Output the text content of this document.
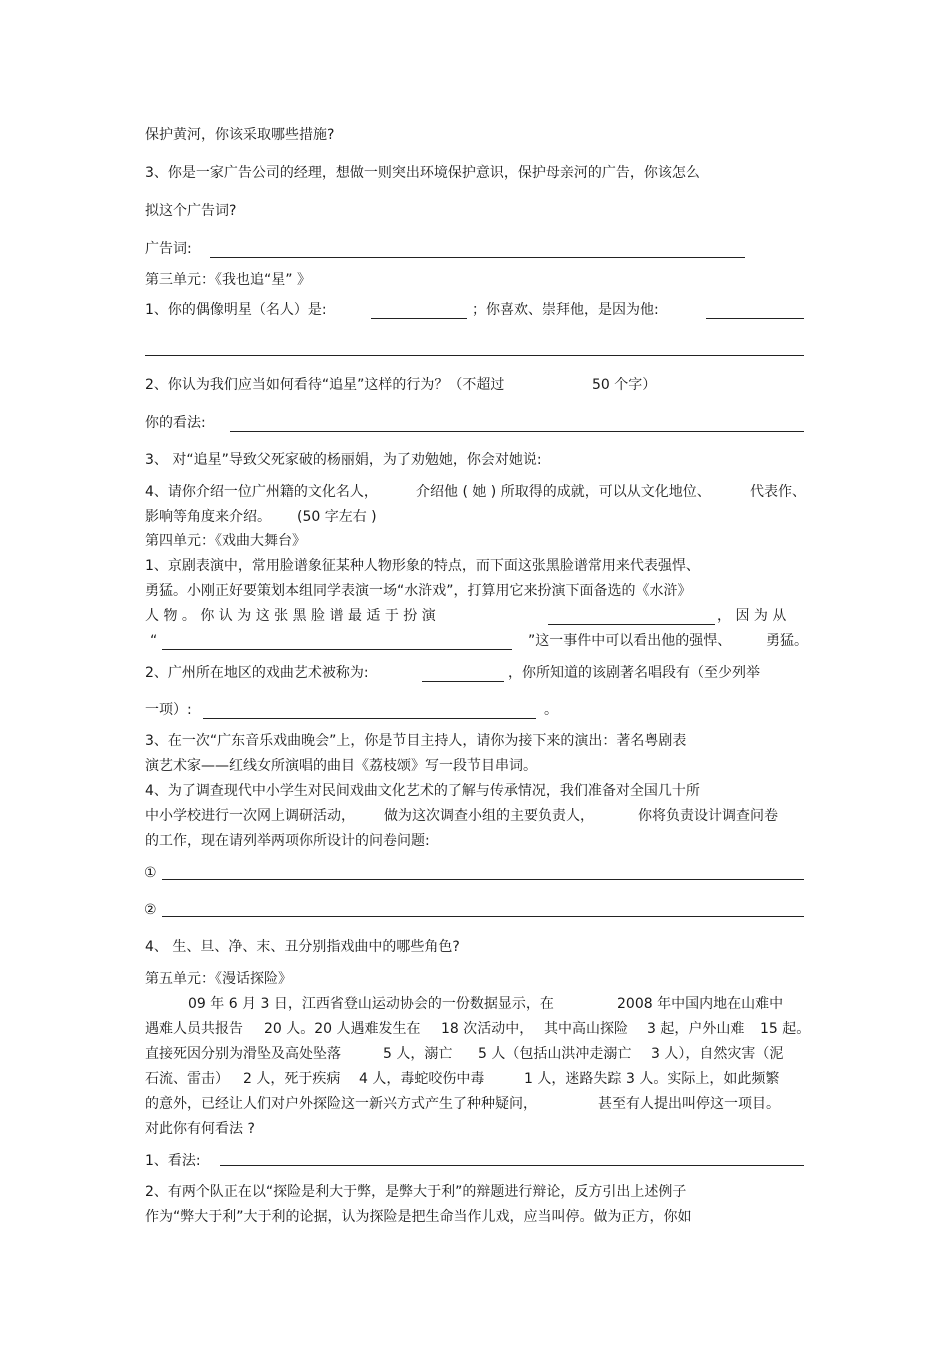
保护黄河，你该采取哪些措施?
3、你是一家广告公司的经理，想做一则突出环境保护意识，保护母亲河的广告，你该怎么
拟这个广告词?
广告词:
第三单元：《我也追“星” 》
1、你的偶像明星（名人）是:	；你喜欢、崇拜他，是因为他:
2、你认为我们应当如何看待“追星”这样的行为？（不超过	50 个字）
你的看法:
3、 对“追星”导致父死家破的杨丽娟，为了劝勉她，你会对她说:
4、请你介绍一位广州籍的文化名人，	介绍他 ( 她 ) 所取得的成就，可以从文化地位、	代表作、
影响等角度来介绍。 (50 字左右 )
第四单元：《戏曲大舞台》
1、京剧表演中，常用脸谱象征某种人物形象的特点，而下面这张黑脸谱常用来代表强悍、
勇猛。小刚正好要策划本组同学表演一场“水浒戏”，打算用它来扮演下面备选的《水浒》
人 物 。 你 认 为 这 张 黑 脸 谱 最 适 于 扮 演	， 因 为 从
“	”这一事件中可以看出他的强悍、 勇猛。
2、广州所在地区的戏曲艺术被称为:	，你所知道的该剧著名唱段有（至少列举
一项）:	。
3、在一次“广东音乐戏曲晚会”上，你是节目主持人，请你为接下来的演出：著名粤剧表
演艺术家——红线女所演唱的曲目《荔枝颂》写一段节目串词。
4、为了调查现代中小学生对民间戏曲文化艺术的了解与传承情况，我们准备对全国几十所
中小学校进行一次网上调研活动， 做为这次调查小组的主要负责人，	你将负责设计调查问卷
的工作，现在请列举两项你所设计的问卷问题:
①
②
4、 生、旦、净、末、丑分别指戏曲中的哪些角色?
第五单元：《漫话探险》
09 年 6 月 3 日，江西省登山运动协会的一份数据显示，在	2008 年中国内地在山难中
遇难人员共报告 20 人。20 人遇难发生在 18 次活动中， 其中高山探险 3 起，户外山难 15 起。
直接死因分别为滑坠及高处坠落	5 人，溺亡 5 人（包括山洪冲走溺亡 3 人），自然灾害（泥
石流、雷击） 2 人，死于疾病 4 人，毒蛇咬伤中毒	1 人，迷路失踪 3 人。实际上，如此频繁
的意外，已经让人们对户外探险这一新兴方式产生了种种疑问，	甚至有人提出叫停这一项目。
对此你有何看法 ?
1、看法:
2、有两个队正在以“探险是利大于弊，是弊大于利”的辩题进行辩论，反方引出上述例子
作为“弊大于利”大于利的论据，认为探险是把生命当作儿戏，应当叫停。做为正方，你如
